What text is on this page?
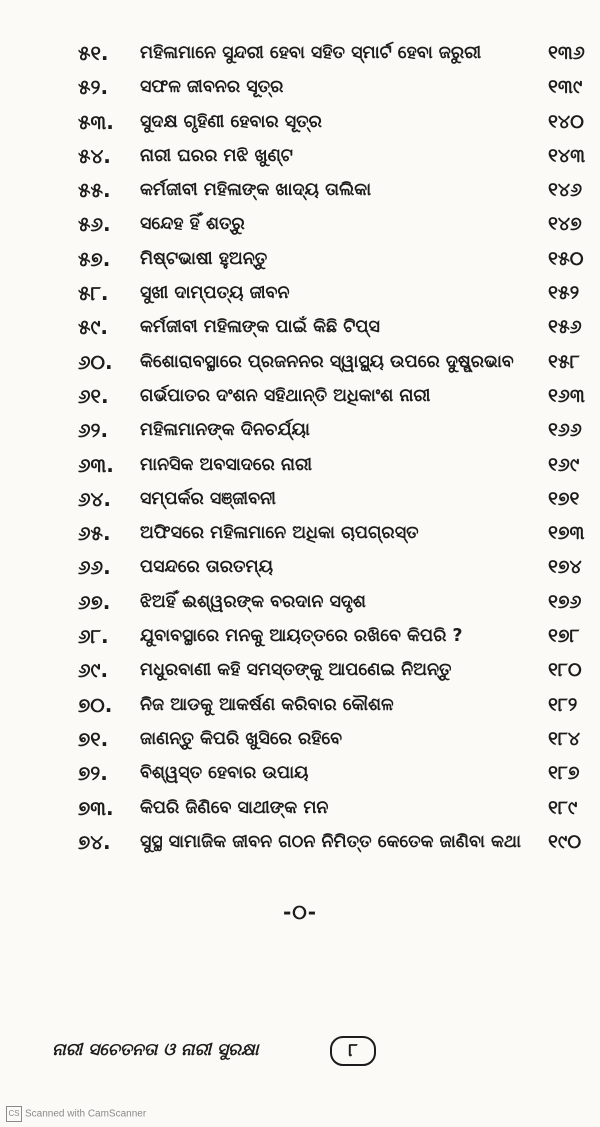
୫୧. ମହିଳାମାନେ ସୁନ୍ଦରୀ ହେବା ସହିତ ସ୍ମାର୍ଟ ହେବା ଜରୁରୀ	୧୩୬
୫୨. ସଫଳ ଜୀବନର ସୂତ୍ର	୧୩୯
୫୩. ସୁଦକ୍ଷ ଗୃହିଣୀ ହେବାର ସୂତ୍ର	୧୪୦
୫୪. ନାରୀ ଘରର ମଝି ଖୁଣ୍ଟ	୧୪୩
୫୫. କର୍ମଜୀବୀ ମହିଳାଙ୍କ ଖାଦ୍ୟ ତାଲିକା	୧୪୬
୫୬. ସନ୍ଦେହ ହିଁ ଶତ୍ରୁ	୧୪୭
୫୭. ମିଷ୍ଟଭାଷୀ ହୁଅନ୍ତୁ	୧୫୦
୫୮. ସୁଖୀ ଦାମ୍ପତ୍ୟ ଜୀବନ	୧୫୨
୫୯. କର୍ମଜୀବୀ ମହିଳାଙ୍କ ପାଇଁ କିଛି ଟିପ୍ସ	୧୫୬
୬୦. କିଶୋରାବସ୍ଥାରେ ପ୍ରଜନନର ସ୍ୱାସ୍ଥ୍ୟ ଉପରେ ଦୁଷ୍ପ୍ରଭାବ ୧୫୮
୬୧. ଗର୍ଭପାତର ଦଂଶନ ସହିଥାନ୍ତି ଅଧିକାଂଶ ନାରୀ	୧୬୩
୬୨. ମହିଳାମାନଙ୍କ ଦିନଚର୍ଯ୍ୟା	୧୬୬
୬୩. ମାନସିକ ଅବସାଦରେ ନାରୀ	୧୬୯
୬୪. ସମ୍ପର୍କର ସଞ୍ଜୀବନୀ	୧୭୧
୬୫. ଅଫିସରେ ମହିଳାମାନେ ଅଧିକା ଚାପଗ୍ରସ୍ତ	୧୭୩
୬୬. ପସନ୍ଦରେ ତାରତମ୍ୟ	୧୭୪
୬୭. ଝିଅହିଁ ଈଶ୍ୱରଙ୍କ ବରଦାନ ସଦୃଶ	୧୭୬
୬୮. ଯୁବାବସ୍ଥାରେ ମନକୁ ଆୟତ୍ତରେ ରଖିବେ କିପରି ?	୧୭୮
୬୯. ମଧୁରବାଣୀ କହି ସମସ୍ତଙ୍କୁ ଆପଣେଇ ନିଅନ୍ତୁ	୧୮୦
୭୦. ନିଜ ଆଡକୁ ଆକର୍ଷଣ କରିବାର କୌଶଳ	୧୮୨
୭୧. ଜାଣନ୍ତୁ କିପରି ଖୁସିରେ ରହିବେ	୧୮୪
୭୨. ବିଶ୍ୱସ୍ତ ହେବାର ଉପାୟ	୧୮୭
୭୩. କିପରି ଜିଣିବେ ସାଥୀଙ୍କ ମନ	୧୮୯
୭୪. ସୁସ୍ଥ ସାମାଜିକ ଜୀବନ ଗଠନ ନିମିତ୍ତ କେତେକ ଜାଣିବା କଥା ୧୯୦
-୦-
ନାରୀ ସଚେତନତା ଓ ନାରୀ ସୁରକ୍ଷା	୮
CS Scanned with CamScanner
